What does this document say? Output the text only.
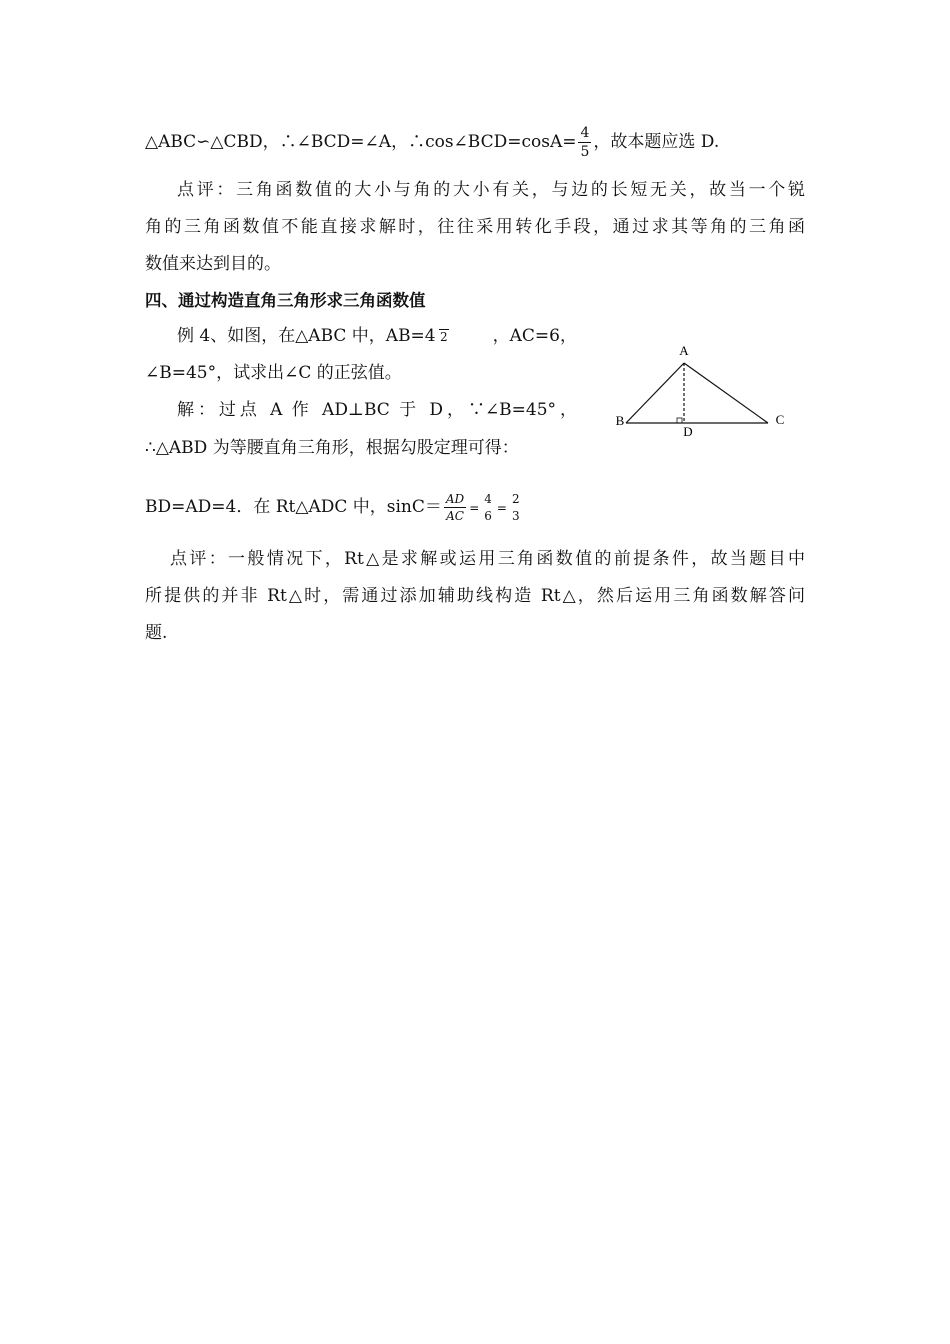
△ABC∽△CBD，∴∠BCD=∠A，∴cos∠BCD=cosA= $\frac{4}{5}$ ，故本题应选 D.
点评：三角函数值的大小与角的大小有关，与边的长短无关，故当一个锐
角的三角函数值不能直接求解时，往往采用转化手段，通过求其等角的三角函
数值来达到目的。
四、通过构造直角三角形求三角函数值
例 4、如图，在△ABC 中，AB=4  2	，AC=6，
∠B=45°，试求出∠C 的正弦值。
解：过点 A 作 AD⊥BC 于 D，∵∠B=45°，
∴△ABD 为等腰直角三角形，根据勾股定理可得：
BD=AD=4．在 Rt△ADC 中，$\sin C= \frac{AD}{AC}$ =
4
6
=
2
3
A
B	C
D
点评：一般情况下，Rt△是求解或运用三角函数值的前提条件，故当题目中
所提供的并非 Rt△时，需通过添加辅助线构造 Rt△，然后运用三角函数解答问
题.
